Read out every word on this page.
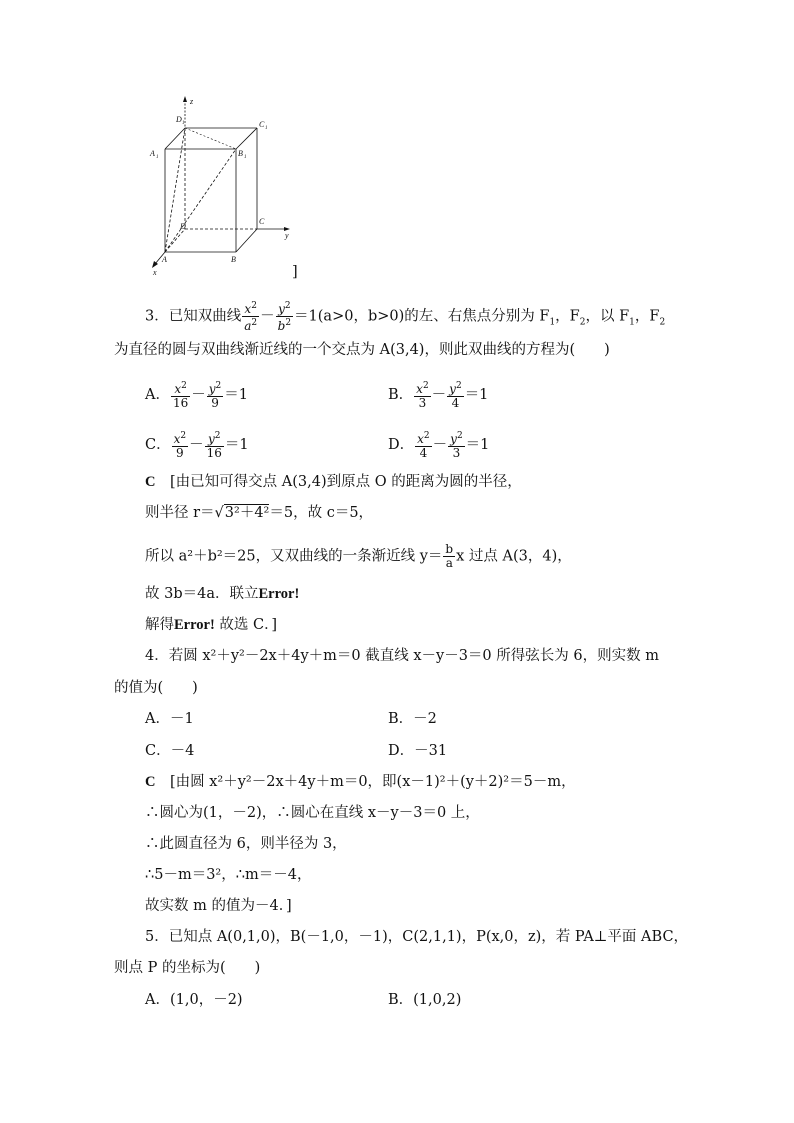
z
y
x
A	B
C
D
A 1	B 1
C 1
D 1
]
3．已知双曲线 $\frac{x^2}{a^2} - \frac{y^2}{b^2} =1(a>0$，b>0)的左、右焦点分别为 $F_1$，$F_2$，以 $F_1$，$F_2$
为直径的圆与双曲线渐近线的一个交点为 A(3,4)，则此双曲线的方程为(　　)
A． $\frac{x^2}{16} - \frac{y^2}{9} =1$	B． $\frac{x^2}{3} - \frac{y^2}{4} =1$
C． $\frac{x^2}{9} - \frac{y^2}{16} =1$	D． $\frac{x^2}{4} - \frac{y^2}{3} =1$
C　 [由已知可得交点 A(3,4)到原点 O 的距离为圆的半径，
则半径 r＝√3²＋4²＝5，故 c＝5，
所以 a²＋b²＝25，又双曲线的一条渐近线 $y= \frac{b}{a}$ x 过点 A(3，4)，
故 3b＝4a．联立Error!
解得Error! 故选 C．]
4．若圆 x²＋y²－2x＋4y＋m＝0 截直线 x－y－3＝0 所得弦长为 6，则实数 m
的值为(　　)
A．－1	B．－2
C．－4	D．－31
C　 [由圆 x²＋y²－2x＋4y＋m＝0，即(x－1)²＋(y＋2)²＝5－m，
∴圆心为(1，－2)，∴圆心在直线 x－y－3＝0 上，
∴此圆直径为 6，则半径为 3，
∴5－m＝3²，∴m＝－4，
故实数 m 的值为－4．]
5．已知点 A(0,1,0)，B(－1,0，－1)，C(2,1,1)，P(x,0，z)，若 PA⊥平面 ABC，
则点 P 的坐标为(　　)
A．(1,0，－2)	B．(1,0,2)
